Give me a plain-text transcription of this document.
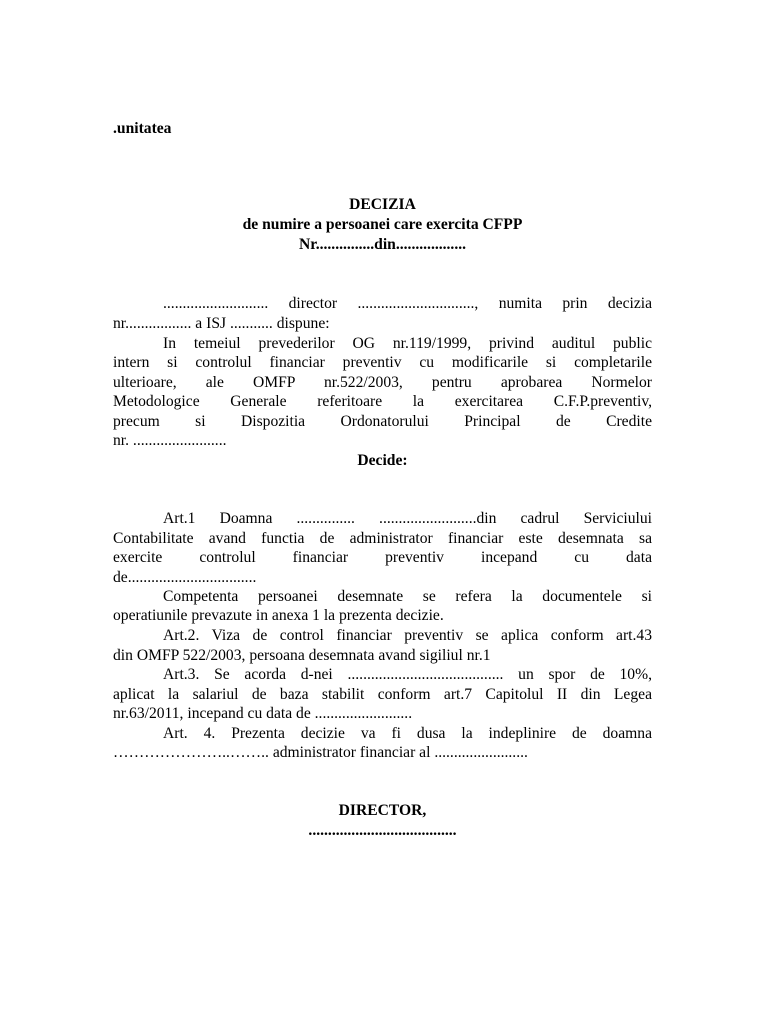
.unitatea
DECIZIA
de numire a persoanei care exercita CFPP
Nr...............din..................
........................... director .............................., numita prin decizia
nr................. a ISJ ........... dispune:
In temeiul prevederilor OG nr.119/1999, privind auditul public
intern si controlul financiar preventiv cu modificarile si completarile
ulterioare, ale OMFP nr.522/2003, pentru aprobarea Normelor
Metodologice Generale referitoare la exercitarea C.F.P.preventiv,
precum si Dispozitia Ordonatorului Principal de Credite
nr. ........................
Decide:
Art.1 Doamna ............... .........................din cadrul Serviciului
Contabilitate avand functia de administrator financiar este desemnata sa
exercite controlul financiar preventiv incepand cu data
de.................................
Competenta persoanei desemnate se refera la documentele si
operatiunile prevazute in anexa 1 la prezenta decizie.
Art.2. Viza de control financiar preventiv se aplica conform art.43
din OMFP 522/2003, persoana desemnata avand sigiliul nr.1
Art.3. Se acorda d-nei ........................................ un spor de 10%,
aplicat la salariul de baza stabilit conform art.7 Capitolul II din Legea
nr.63/2011, incepand cu data de .........................
Art. 4. Prezenta decizie va fi dusa la indeplinire de doamna
…………………..…….. administrator financiar al ........................
DIRECTOR,
......................................
